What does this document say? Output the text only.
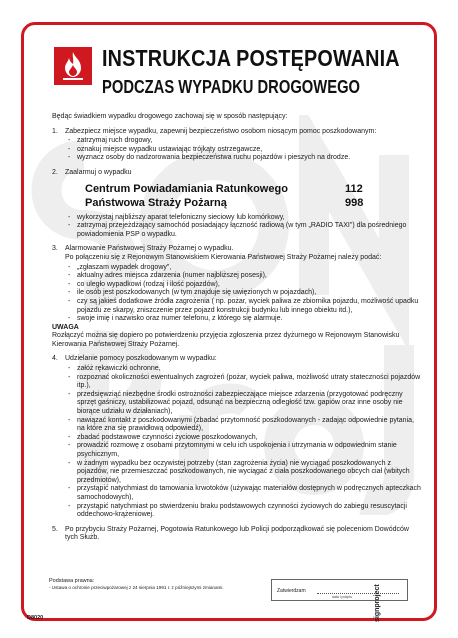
INSTRUKCJA POSTĘPOWANIA
PODCZAS WYPADKU DROGOWEGO

Będąc świadkiem wypadku drogowego zachowaj się w sposób następujący:

1. Zabezpiecz miejsce wypadku, zapewnij bezpieczeństwo osobom niosącym pomoc poszkodowanym:

- zatrzymaj ruch drogowy,
- oznakuj miejsce wypadku ustawiając trójkąty ostrzegawcze,
- wyznacz osoby do nadzorowania bezpieczeństwa ruchu pojazdów i pieszych na drodze.
2. Zaalarmuj o wypadku

Centrum Powiadamiania Ratunkowego	112
Państwowa Straży Pożarną	998
- wykorzystaj najbliższy aparat telefoniczny sieciowy lub komórkowy,
- zatrzymaj przejeżdżający samochód posiadający łączność radiową (w tym „RADIO TAXI") dla pośredniego powiadomienia PSP o wypadku.
3. Alarmowanie Państwowej Straży Pożarnej o wypadku.

Po połączeniu się z Rejonowym Stanowiskiem Kierowania Państwowej Straży Pożarnej należy podać:

- „zgłaszam wypadek drogowy",
- aktualny adres miejsca zdarzenia (numer najbliższej posesji),
- co uległo wypadkowi (rodzaj i ilość pojazdów),
- ile osób jest poszkodowanych (w tym znajduje się uwięzionych w pojazdach),
- czy są jakieś dodatkowe źródła zagrożenia ( np. pożar, wyciek paliwa ze zbiornika pojazdu, możliwość upadku pojazdu ze skarpy, zniszczenie przez pojazd konstrukcji budynku lub innego obiektu itd.),
- swoje imię i nazwisko oraz numer telefonu, z którego się alarmuje.

UWAGA

Rozłączyć można się dopiero po potwierdzeniu przyjęcia zgłoszenia przez dyżurnego w Rejonowym Stanowisku Kierowania Państwowej Straży Pożarnej.

4. Udzielanie pomocy poszkodowanym w wypadku:

- załóż rękawiczki ochronne,
- rozpoznać okoliczności ewentualnych zagrożeń (pożar, wyciek paliwa, możliwość utraty stateczności pojazdów itp.),
- przedsięwziąć niezbędne środki ostrożności zabezpieczające miejsce zdarzenia (przygotować podręczny sprzęt gaśniczy, ustabilizować pojazd, odsunąć na bezpieczną odległość tzw. gapiów oraz inne osoby nie biorące udziału w działaniach),
- nawiązać kontakt z poszkodowanymi (zbadać przytomność poszkodowanych - zadając odpowiednie pytania, na które zna się prawidłową odpowiedź),
- zbadać podstawowe czynności życiowe poszkodowanych,
- prowadzić rozmowę z osobami przytomnymi w celu ich uspokojenia i utrzymania w odpowiednim stanie psychicznym,
- w żadnym wypadku bez oczywistej potrzeby (stan zagrożenia życia) nie wyciągać poszkodowanych z pojazdów, nie przemieszczać poszkodowanych, nie wyciągać z ciała poszkodowanego obcych ciał (wbitych przedmiotów),
- przystąpić natychmiast do tamowania krwotoków (używając materiałów dostępnych w podręcznych apteczkach samochodowych),
- przystąpić natychmiast po stwierdzeniu braku podstawowych czynności życiowych do zabiegu resuscytacji oddechowo-krążeniowej.
5. Po przybyciu Straży Pożarnej, Pogotowia Ratunkowego lub Policji podporządkować się poleceniom Dowódców tych Służb.

Podstawa prawna:
- Ustawa o ochronie przeciwpożarowej z 24 sierpnia 1991 r. z późniejszymi zmianami.
Zatwierdzam
data i podpis	signproject
D8020
